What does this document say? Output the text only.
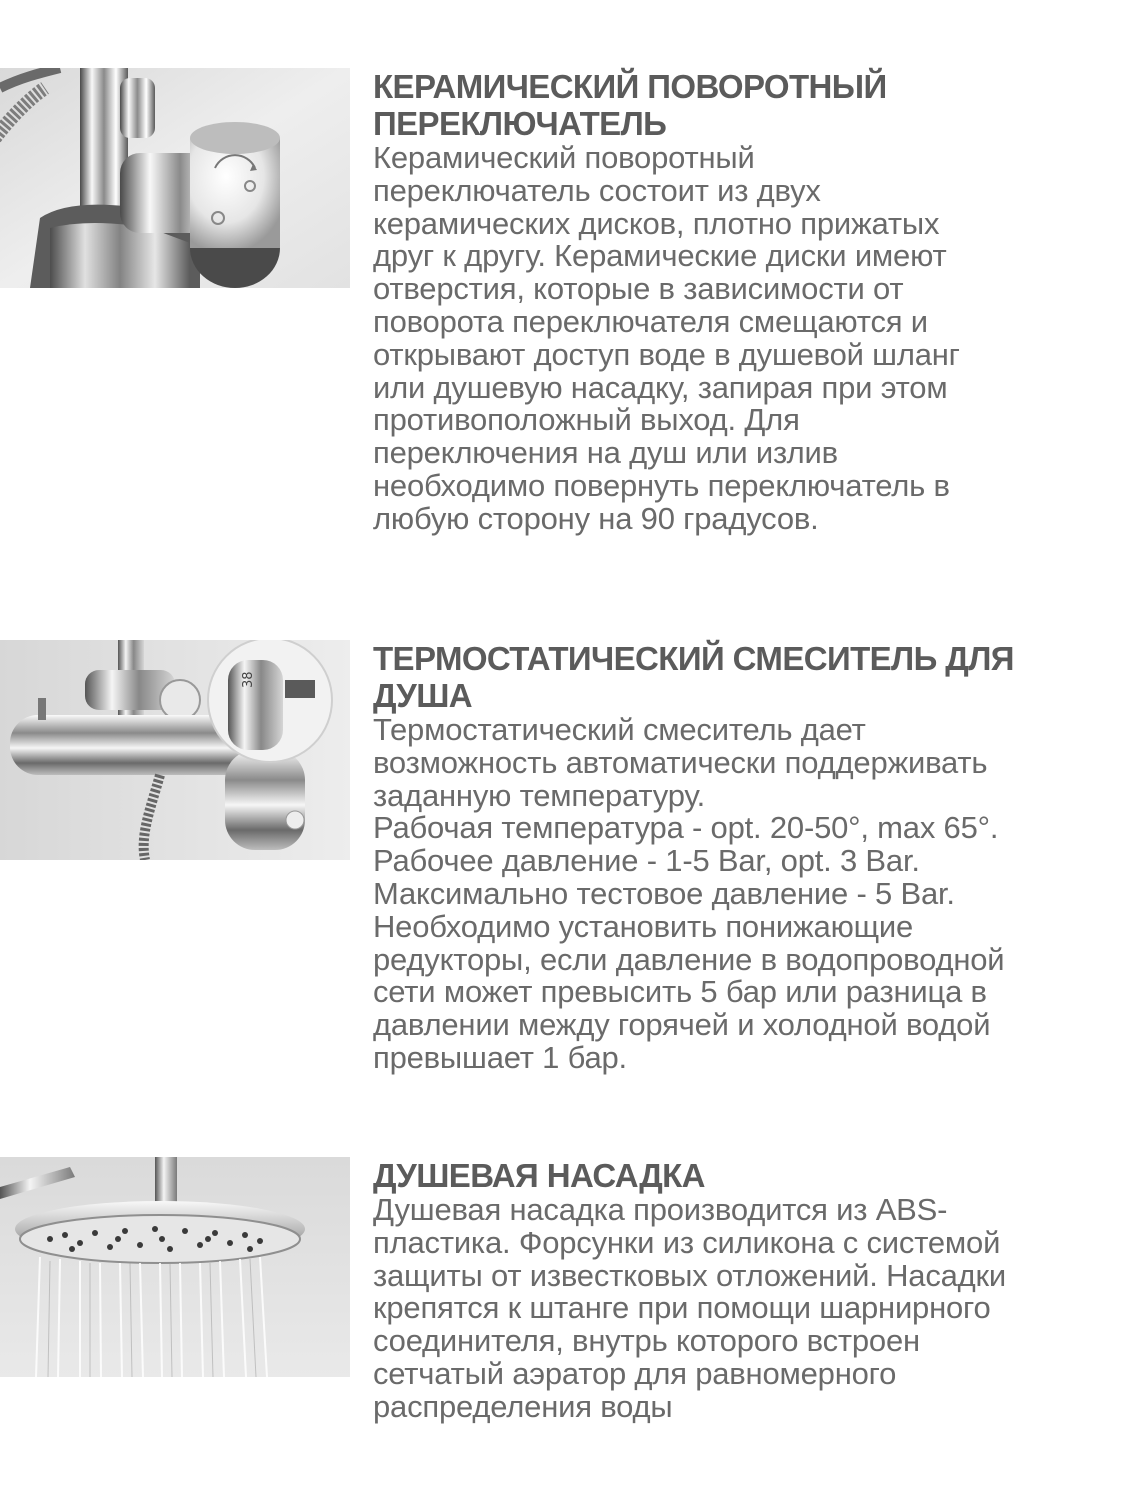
КЕРАМИЧЕСКИЙ ПОВОРОТНЫЙ ПЕРЕКЛЮЧАТЕЛЬ

Керамический поворотный
переключатель состоит из двух
керамических дисков, плотно прижатых
друг к другу. Керамические диски имеют
отверстия, которые в зависимости от
поворота переключателя смещаются и
открывают доступ воде в душевой шланг
или душевую насадку, запирая при этом
противоположный выход. Для
переключения на душ или излив
необходимо повернуть переключатель в
любую сторону на 90 градусов.

38
ТЕРМОСТАТИЧЕСКИЙ СМЕСИТЕЛЬ ДЛЯ ДУША

Термостатический смеситель дает
возможность автоматически поддерживать
заданную температуру.
Рабочая температура - opt. 20-50°, max 65°.
Рабочее давление - 1-5 Bar, opt. 3 Bar.
Максимально тестовое давление - 5 Bar.
Необходимо установить понижающие
редукторы, если давление в водопроводной
сети может превысить 5 бар или разница в
давлении между горячей и холодной водой
превышает 1 бар.

ДУШЕВАЯ НАСАДКА

Душевая насадка производится из ABS-
пластика. Форсунки из силикона с системой
защиты от известковых отложений. Насадки
крепятся к штанге при помощи шарнирного
соединителя, внутрь которого встроен
сетчатый аэратор для равномерного
распределения воды
